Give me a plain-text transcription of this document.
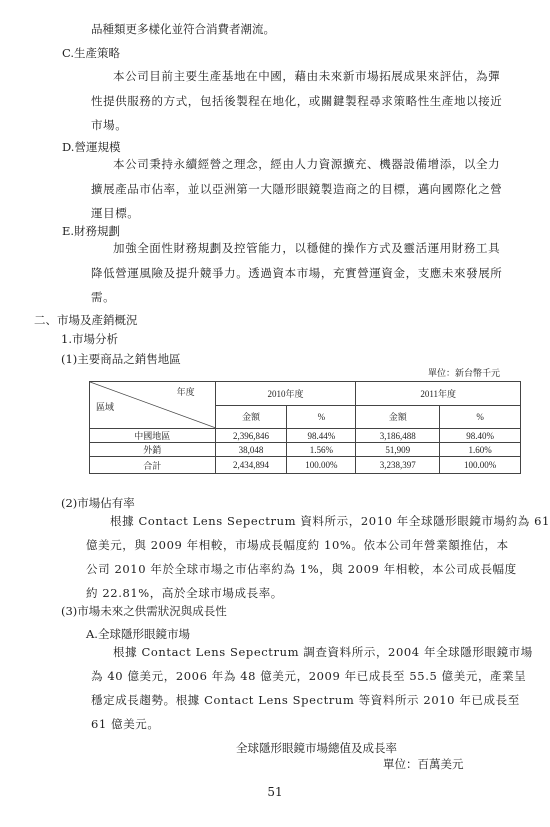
品種類更多樣化並符合消費者潮流。
C.生產策略
本公司目前主要生產基地在中國，藉由未來新市場拓展成果來評估，為彈
性提供服務的方式，包括後製程在地化，或關鍵製程尋求策略性生產地以接近
市場。
D.營運規模
本公司秉持永續經營之理念，經由人力資源擴充、機器設備增添，以全力
擴展產品市佔率，並以亞洲第一大隱形眼鏡製造商之的目標，邁向國際化之營
運目標。
E.財務規劃
加強全面性財務規劃及控管能力，以穩健的操作方式及靈活運用財務工具
降低營運風險及提升競爭力。透過資本市場，充實營運資金，支應未來發展所
需。
二、市場及產銷概況
1.市場分析
(1)主要商品之銷售地區
單位：新台幣千元
年度
區域	2010年度		2011年度	
	金額	%	金額	%
中國地區	2,396,846	98.44%	3,186,488	98.40%
外銷	38,048	1.56%	51,909	1.60%
合計	2,434,894	100.00%	3,238,397	100.00%
(2)市場佔有率
根據 Contact Lens Sepectrum 資料所示，2010 年全球隱形眼鏡市場約為 61
億美元，與 2009 年相較，市場成長幅度約 10%。依本公司年營業額推估，本
公司 2010 年於全球市場之市佔率約為 1%，與 2009 年相較，本公司成長幅度
約 22.81%，高於全球市場成長率。
(3)市場未來之供需狀況與成長性
A.全球隱形眼鏡市場
根據 Contact Lens Sepectrum 調查資料所示，2004 年全球隱形眼鏡市場
為 40 億美元，2006 年為 48 億美元，2009 年已成長至 55.5 億美元，產業呈
穩定成長趨勢。根據 Contact Lens Spectrum 等資料所示 2010 年已成長至
61 億美元。
全球隱形眼鏡市場總值及成長率
單位：百萬美元
51
